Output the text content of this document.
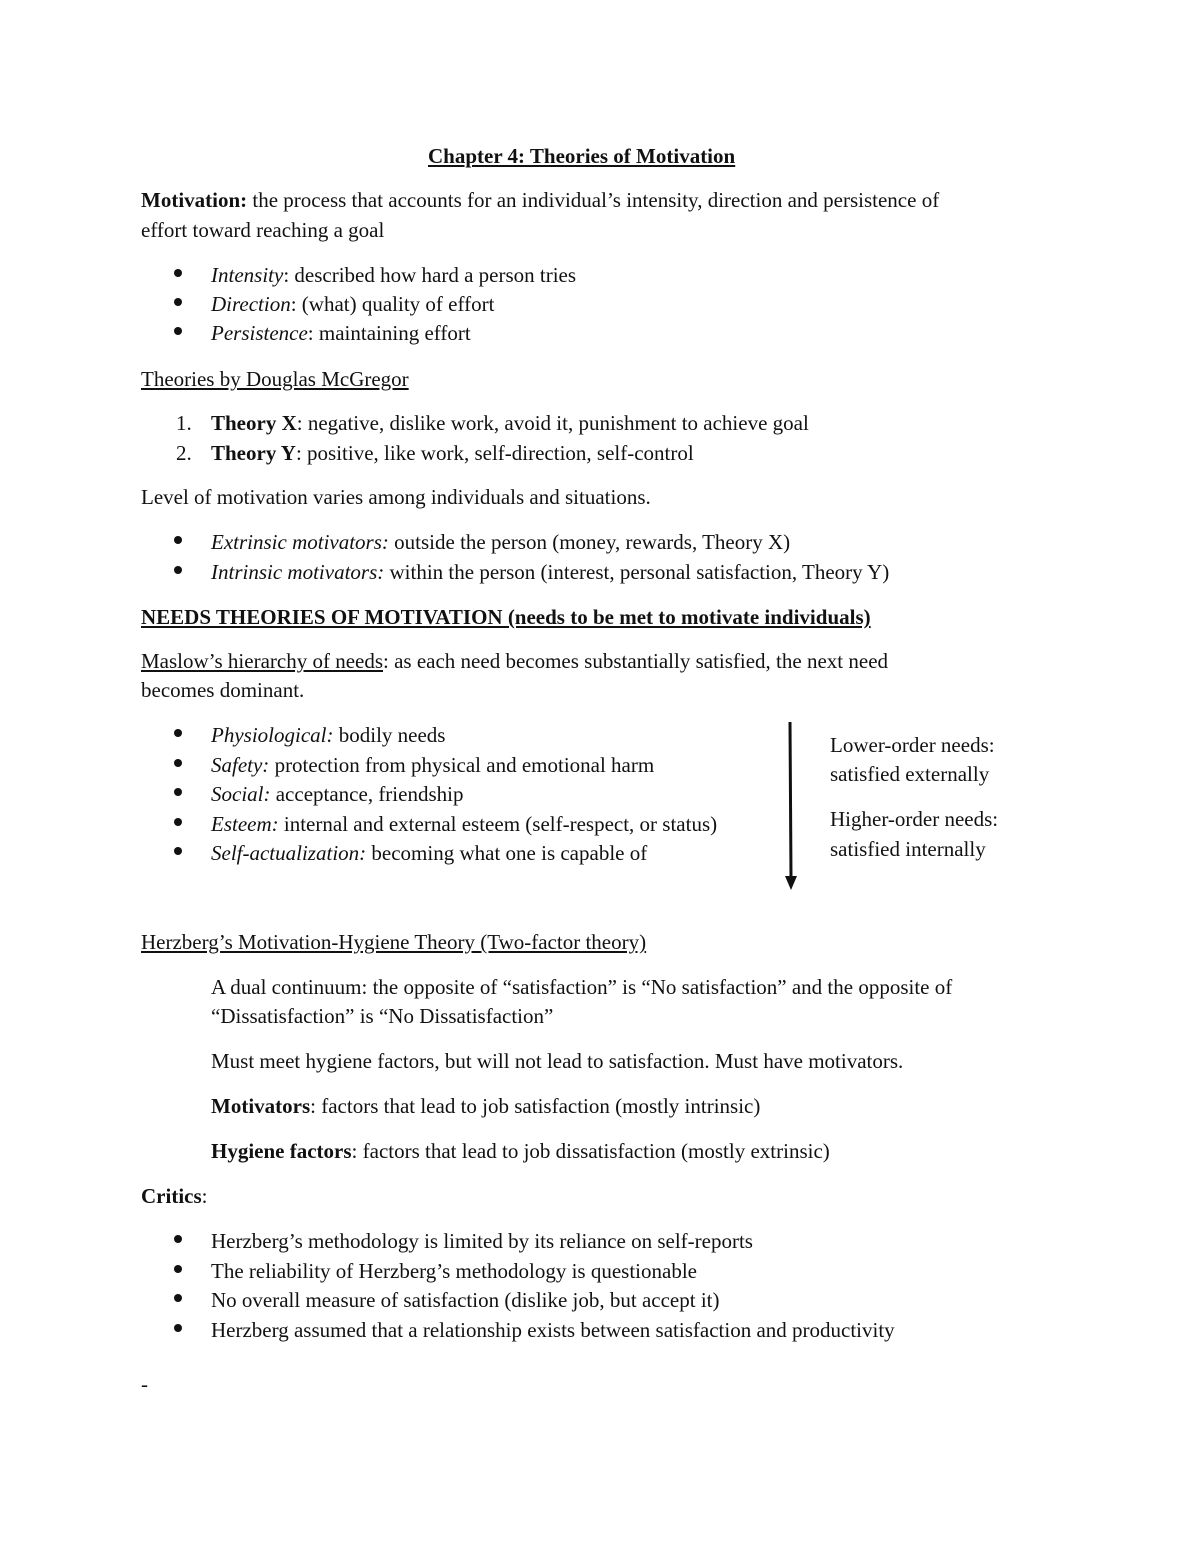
Chapter 4: Theories of Motivation
Motivation: the process that accounts for an individual’s intensity, direction and persistence of
effort toward reaching a goal
Intensity: described how hard a person tries
Direction: (what) quality of effort
Persistence: maintaining effort
Theories by Douglas McGregor
1. Theory X: negative, dislike work, avoid it, punishment to achieve goal
2. Theory Y: positive, like work, self-direction, self-control
Level of motivation varies among individuals and situations.
Extrinsic motivators: outside the person (money, rewards, Theory X)
Intrinsic motivators: within the person (interest, personal satisfaction, Theory Y)
NEEDS THEORIES OF MOTIVATION (needs to be met to motivate individuals)
Maslow’s hierarchy of needs: as each need becomes substantially satisfied, the next need
becomes dominant.
Physiological: bodily needs
Safety: protection from physical and emotional harm
Social: acceptance, friendship
Esteem: internal and external esteem (self-respect, or status)
Self-actualization: becoming what one is capable of
Lower-order needs:
satisfied externally
Higher-order needs:
satisfied internally
Herzberg’s Motivation-Hygiene Theory (Two-factor theory)
A dual continuum: the opposite of “satisfaction” is “No satisfaction” and the opposite of
“Dissatisfaction” is “No Dissatisfaction”
Must meet hygiene factors, but will not lead to satisfaction. Must have motivators.
Motivators: factors that lead to job satisfaction (mostly intrinsic)
Hygiene factors: factors that lead to job dissatisfaction (mostly extrinsic)
Critics:
Herzberg’s methodology is limited by its reliance on self-reports
The reliability of Herzberg’s methodology is questionable
No overall measure of satisfaction (dislike job, but accept it)
Herzberg assumed that a relationship exists between satisfaction and productivity
-
